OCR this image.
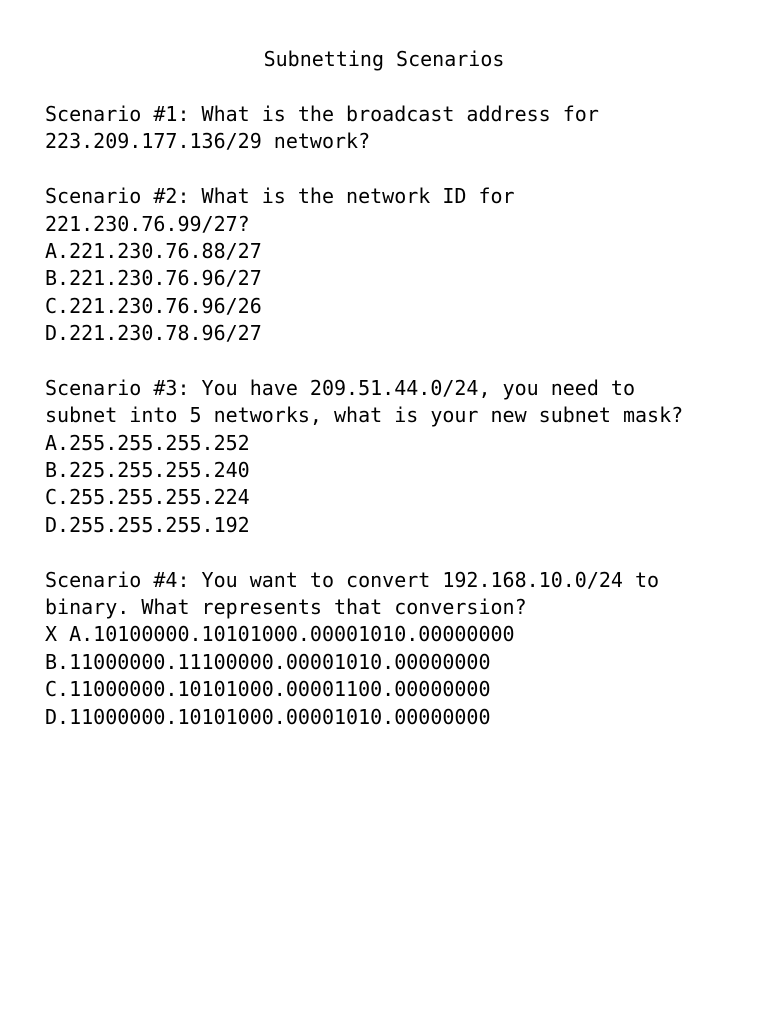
Subnetting Scenarios
Scenario #1: What is the broadcast address for
223.209.177.136/29 network?
Scenario #2: What is the network ID for
221.230.76.99/27?
A.221.230.76.88/27
B.221.230.76.96/27
C.221.230.76.96/26
D.221.230.78.96/27
Scenario #3: You have 209.51.44.0/24, you need to
subnet into 5 networks, what is your new subnet mask?
A.255.255.255.252
B.225.255.255.240
C.255.255.255.224
D.255.255.255.192
Scenario #4: You want to convert 192.168.10.0/24 to
binary. What represents that conversion?
X A.10100000.10101000.00001010.00000000
B.11000000.11100000.00001010.00000000
C.11000000.10101000.00001100.00000000
D.11000000.10101000.00001010.00000000
